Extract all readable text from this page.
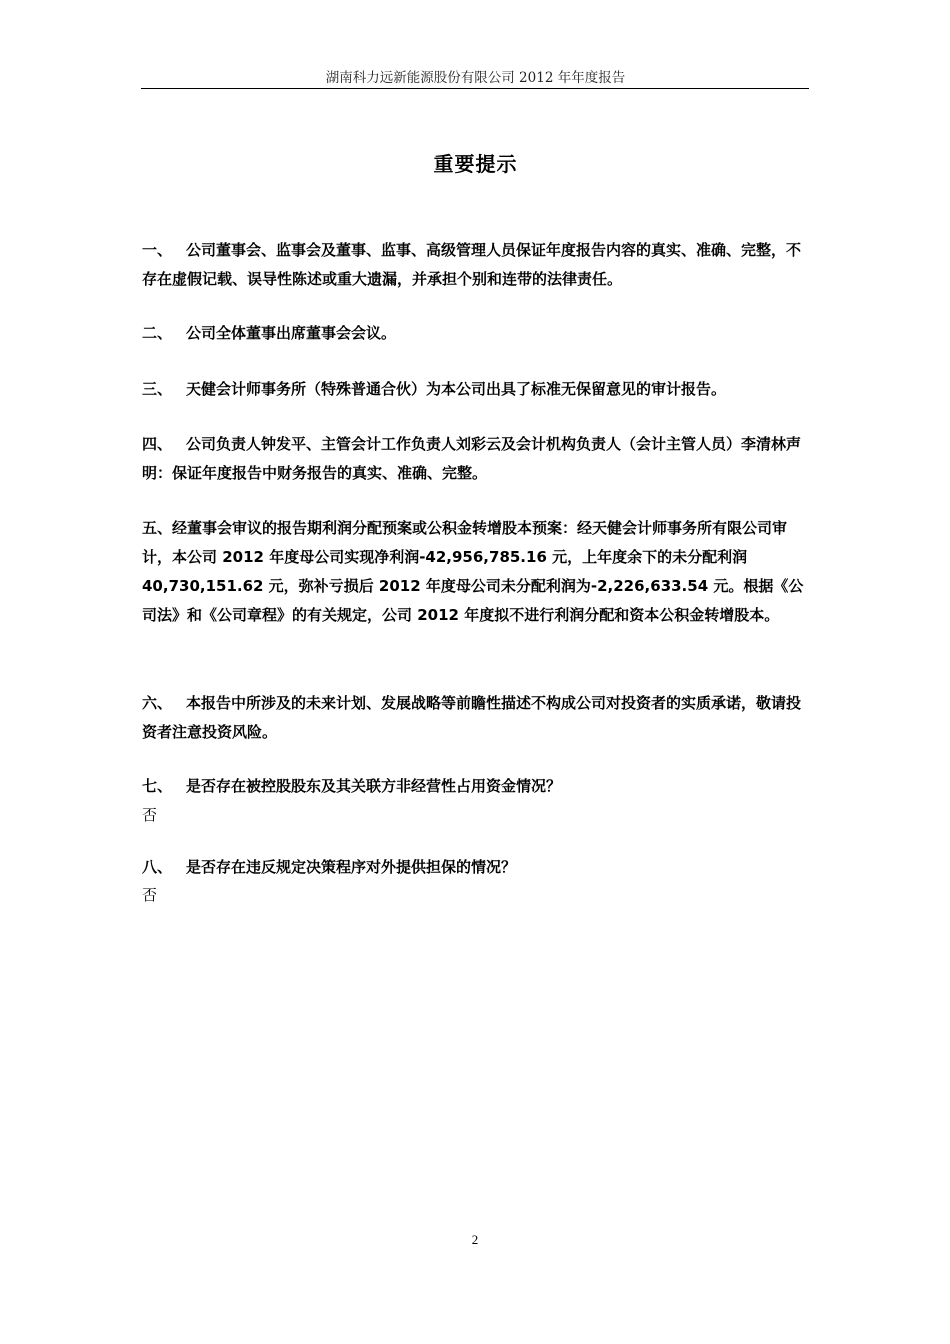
湖南科力远新能源股份有限公司 2012 年年度报告
重要提示
一、 公司董事会、监事会及董事、监事、高级管理人员保证年度报告内容的真实、准确、完整，不存在虚假记载、误导性陈述或重大遗漏，并承担个别和连带的法律责任。
二、 公司全体董事出席董事会会议。
三、 天健会计师事务所（特殊普通合伙）为本公司出具了标准无保留意见的审计报告。
四、 公司负责人钟发平、主管会计工作负责人刘彩云及会计机构负责人（会计主管人员）李清林声明：保证年度报告中财务报告的真实、准确、完整。
五、经董事会审议的报告期利润分配预案或公积金转增股本预案：经天健会计师事务所有限公司审计，本公司 2012 年度母公司实现净利润-42,956,785.16 元，上年度余下的未分配利润 40,730,151.62 元，弥补亏损后 2012 年度母公司未分配利润为-2,226,633.54 元。根据《公司法》和《公司章程》的有关规定，公司 2012 年度拟不进行利润分配和资本公积金转增股本。
六、 本报告中所涉及的未来计划、发展战略等前瞻性描述不构成公司对投资者的实质承诺，敬请投资者注意投资风险。
七、 是否存在被控股股东及其关联方非经营性占用资金情况？
否
八、 是否存在违反规定决策程序对外提供担保的情况？
否
2
